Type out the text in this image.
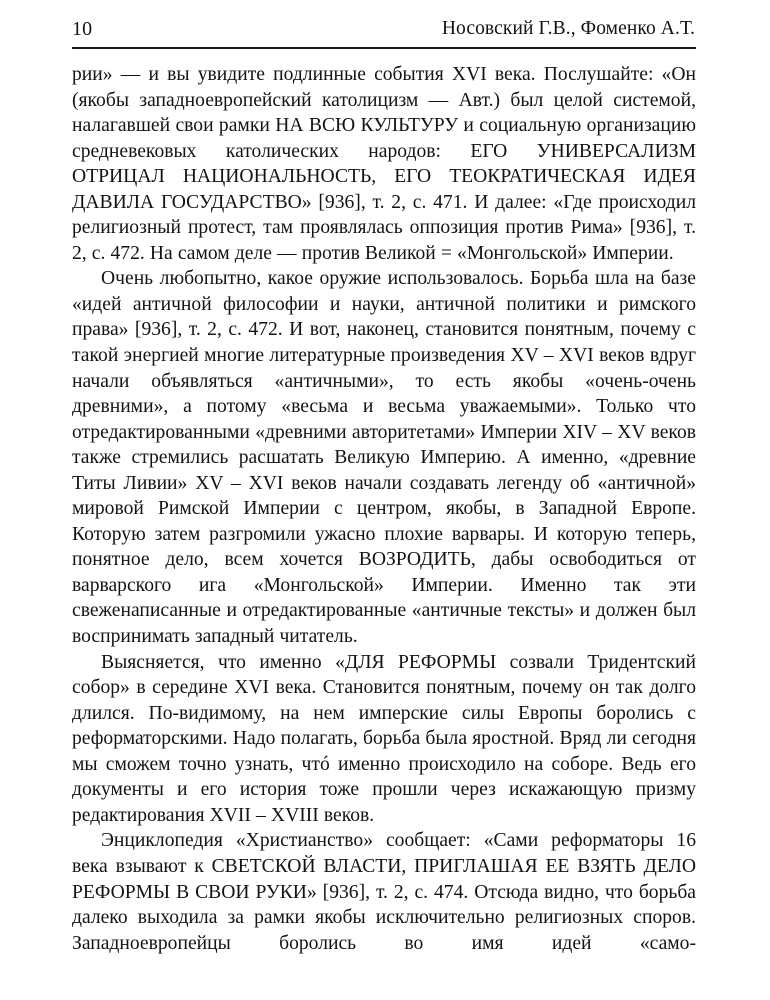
10	Носовский Г.В., Фоменко А.Т.

рии» — и вы увидите подлинные события XVI века. Послушайте: «Он (якобы западноевропейский католицизм — Авт.) был целой системой, налагавшей свои рамки НА ВСЮ КУЛЬТУРУ и социальную организацию средневековых католических народов: ЕГО УНИВЕРСАЛИЗМ ОТРИЦАЛ НАЦИОНАЛЬНОСТЬ, ЕГО ТЕОКРАТИЧЕСКАЯ ИДЕЯ ДАВИЛА ГОСУДАРСТВО» [936], т. 2, с. 471. И далее: «Где происходил религиозный протест, там проявлялась оппозиция против Рима» [936], т. 2, с. 472. На самом деле — против Великой = «Монгольской» Империи.

Очень любопытно, какое оружие использовалось. Борьба шла на базе «идей античной философии и науки, античной политики и римского права» [936], т. 2, с. 472. И вот, наконец, становится понятным, почему с такой энергией многие литературные произведения XV – XVI веков вдруг начали объявляться «античными», то есть якобы «очень-очень древними», а потому «весьма и весьма уважаемыми». Только что отредактированными «древними авторитетами» Империи XIV – XV веков также стремились расшатать Великую Империю. А именно, «древние Титы Ливии» XV – XVI веков начали создавать легенду об «античной» мировой Римской Империи с центром, якобы, в Западной Европе. Которую затем разгромили ужасно плохие варвары. И которую теперь, понятное дело, всем хочется ВОЗРОДИТЬ, дабы освободиться от варварского ига «Монгольской» Империи. Именно так эти свеженаписанные и отредактированные «античные тексты» и должен был воспринимать западный читатель.

Выясняется, что именно «ДЛЯ РЕФОРМЫ созвали Тридентский собор» в середине XVI века. Становится понятным, почему он так долго длился. По-видимому, на нем имперские силы Европы боролись с реформаторскими. Надо полагать, борьба была яростной. Вряд ли сегодня мы сможем точно узнать, чтó именно происходило на соборе. Ведь его документы и его история тоже прошли через искажающую призму редактирования XVII – XVIII веков.

Энциклопедия «Христианство» сообщает: «Сами реформаторы 16 века взывают к СВЕТСКОЙ ВЛАСТИ, ПРИГЛАШАЯ ЕЕ ВЗЯТЬ ДЕЛО РЕФОРМЫ В СВОИ РУКИ» [936], т. 2, с. 474. Отсюда видно, что борьба далеко выходила за рамки якобы исключительно религиозных споров. Западноевропейцы боролись во имя идей «само-
